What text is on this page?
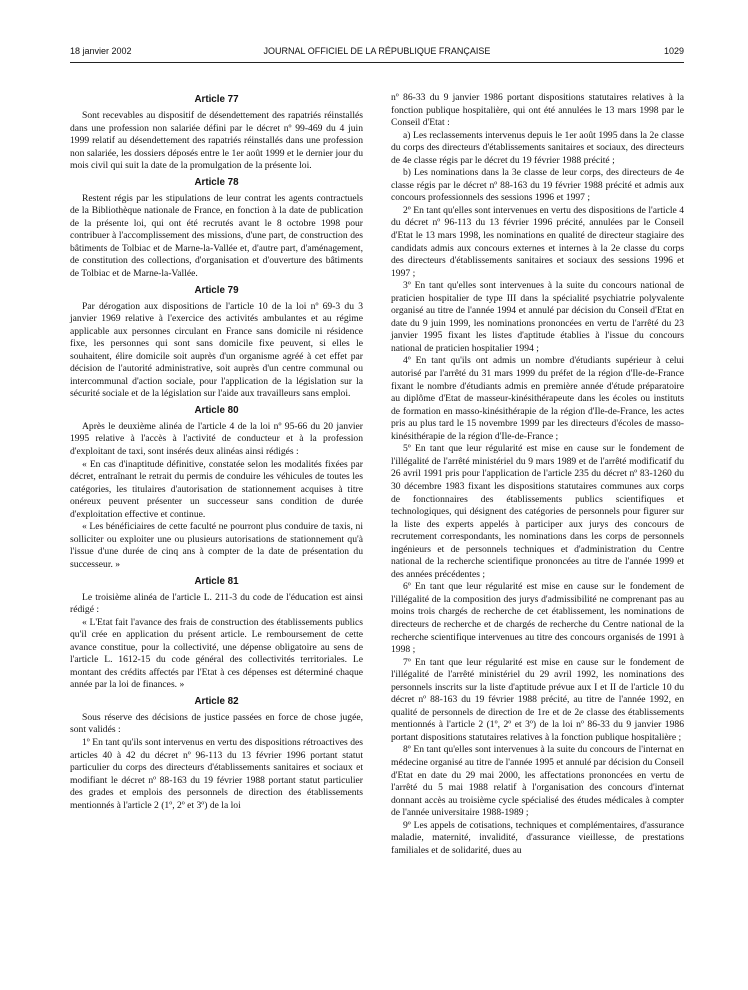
18 janvier 2002	JOURNAL OFFICIEL DE LA RÉPUBLIQUE FRANÇAISE	1029
Article 77

Sont recevables au dispositif de désendettement des rapatriés réinstallés dans une profession non salariée défini par le décret nº 99-469 du 4 juin 1999 relatif au désendettement des rapatriés réinstallés dans une profession non salariée, les dossiers déposés entre le 1er août 1999 et le dernier jour du mois civil qui suit la date de la promulgation de la présente loi.

Article 78

Restent régis par les stipulations de leur contrat les agents contractuels de la Bibliothèque nationale de France, en fonction à la date de publication de la présente loi, qui ont été recrutés avant le 8 octobre 1998 pour contribuer à l'accomplissement des missions, d'une part, de construction des bâtiments de Tolbiac et de Marne-la-Vallée et, d'autre part, d'aménagement, de constitution des collections, d'organisation et d'ouverture des bâtiments de Tolbiac et de Marne-la-Vallée.

Article 79

Par dérogation aux dispositions de l'article 10 de la loi nº 69-3 du 3 janvier 1969 relative à l'exercice des activités ambulantes et au régime applicable aux personnes circulant en France sans domicile ni résidence fixe, les personnes qui sont sans domicile fixe peuvent, si elles le souhaitent, élire domicile soit auprès d'un organisme agréé à cet effet par décision de l'autorité administrative, soit auprès d'un centre communal ou intercommunal d'action sociale, pour l'application de la législation sur la sécurité sociale et de la législation sur l'aide aux travailleurs sans emploi.

Article 80

Après le deuxième alinéa de l'article 4 de la loi nº 95-66 du 20 janvier 1995 relative à l'accès à l'activité de conducteur et à la profession d'exploitant de taxi, sont insérés deux alinéas ainsi rédigés :

« En cas d'inaptitude définitive, constatée selon les modalités fixées par décret, entraînant le retrait du permis de conduire les véhicules de toutes les catégories, les titulaires d'autorisation de stationnement acquises à titre onéreux peuvent présenter un successeur sans condition de durée d'exploitation effective et continue.

« Les bénéficiaires de cette faculté ne pourront plus conduire de taxis, ni solliciter ou exploiter une ou plusieurs autorisations de stationnement qu'à l'issue d'une durée de cinq ans à compter de la date de présentation du successeur. »

Article 81

Le troisième alinéa de l'article L. 211-3 du code de l'éducation est ainsi rédigé :

« L'Etat fait l'avance des frais de construction des établissements publics qu'il crée en application du présent article. Le remboursement de cette avance constitue, pour la collectivité, une dépense obligatoire au sens de l'article L. 1612-15 du code général des collectivités territoriales. Le montant des crédits affectés par l'Etat à ces dépenses est déterminé chaque année par la loi de finances. »

Article 82

Sous réserve des décisions de justice passées en force de chose jugée, sont validés :

1º En tant qu'ils sont intervenus en vertu des dispositions rétroactives des articles 40 à 42 du décret nº 96-113 du 13 février 1996 portant statut particulier du corps des directeurs d'établissements sanitaires et sociaux et modifiant le décret nº 88-163 du 19 février 1988 portant statut particulier des grades et emplois des personnels de direction des établissements mentionnés à l'article 2 (1º, 2º et 3º) de la loi

nº 86-33 du 9 janvier 1986 portant dispositions statutaires relatives à la fonction publique hospitalière, qui ont été annulées le 13 mars 1998 par le Conseil d'Etat :

a) Les reclassements intervenus depuis le 1er août 1995 dans la 2e classe du corps des directeurs d'établissements sanitaires et sociaux, des directeurs de 4e classe régis par le décret du 19 février 1988 précité ;

b) Les nominations dans la 3e classe de leur corps, des directeurs de 4e classe régis par le décret nº 88-163 du 19 février 1988 précité et admis aux concours professionnels des sessions 1996 et 1997 ;

2º En tant qu'elles sont intervenues en vertu des dispositions de l'article 4 du décret nº 96-113 du 13 février 1996 précité, annulées par le Conseil d'Etat le 13 mars 1998, les nominations en qualité de directeur stagiaire des candidats admis aux concours externes et internes à la 2e classe du corps des directeurs d'établissements sanitaires et sociaux des sessions 1996 et 1997 ;

3º En tant qu'elles sont intervenues à la suite du concours national de praticien hospitalier de type III dans la spécialité psychiatrie polyvalente organisé au titre de l'année 1994 et annulé par décision du Conseil d'Etat en date du 9 juin 1999, les nominations prononcées en vertu de l'arrêté du 23 janvier 1995 fixant les listes d'aptitude établies à l'issue du concours national de praticien hospitalier 1994 ;

4º En tant qu'ils ont admis un nombre d'étudiants supérieur à celui autorisé par l'arrêté du 31 mars 1999 du préfet de la région d'Ile-de-France fixant le nombre d'étudiants admis en première année d'étude préparatoire au diplôme d'Etat de masseur-kinésithérapeute dans les écoles ou instituts de formation en masso-kinésithérapie de la région d'Ile-de-France, les actes pris au plus tard le 15 novembre 1999 par les directeurs d'écoles de masso-kinésithérapie de la région d'Ile-de-France ;

5º En tant que leur régularité est mise en cause sur le fondement de l'illégalité de l'arrêté ministériel du 9 mars 1989 et de l'arrêté modificatif du 26 avril 1991 pris pour l'application de l'article 235 du décret nº 83-1260 du 30 décembre 1983 fixant les dispositions statutaires communes aux corps de fonctionnaires des établissements publics scientifiques et technologiques, qui désignent des catégories de personnels pour figurer sur la liste des experts appelés à participer aux jurys des concours de recrutement correspondants, les nominations dans les corps de personnels ingénieurs et de personnels techniques et d'administration du Centre national de la recherche scientifique prononcées au titre de l'année 1999 et des années précédentes ;

6º En tant que leur régularité est mise en cause sur le fondement de l'illégalité de la composition des jurys d'admissibilité ne comprenant pas au moins trois chargés de recherche de cet établissement, les nominations de directeurs de recherche et de chargés de recherche du Centre national de la recherche scientifique intervenues au titre des concours organisés de 1991 à 1998 ;

7º En tant que leur régularité est mise en cause sur le fondement de l'illégalité de l'arrêté ministériel du 29 avril 1992, les nominations des personnels inscrits sur la liste d'aptitude prévue aux I et II de l'article 10 du décret nº 88-163 du 19 février 1988 précité, au titre de l'année 1992, en qualité de personnels de direction de 1re et de 2e classe des établissements mentionnés à l'article 2 (1º, 2º et 3º) de la loi nº 86-33 du 9 janvier 1986 portant dispositions statutaires relatives à la fonction publique hospitalière ;

8º En tant qu'elles sont intervenues à la suite du concours de l'internat en médecine organisé au titre de l'année 1995 et annulé par décision du Conseil d'Etat en date du 29 mai 2000, les affectations prononcées en vertu de l'arrêté du 5 mai 1988 relatif à l'organisation des concours d'internat donnant accès au troisième cycle spécialisé des études médicales à compter de l'année universitaire 1988-1989 ;

9º Les appels de cotisations, techniques et complémentaires, d'assurance maladie, maternité, invalidité, d'assurance vieillesse, de prestations familiales et de solidarité, dues au
